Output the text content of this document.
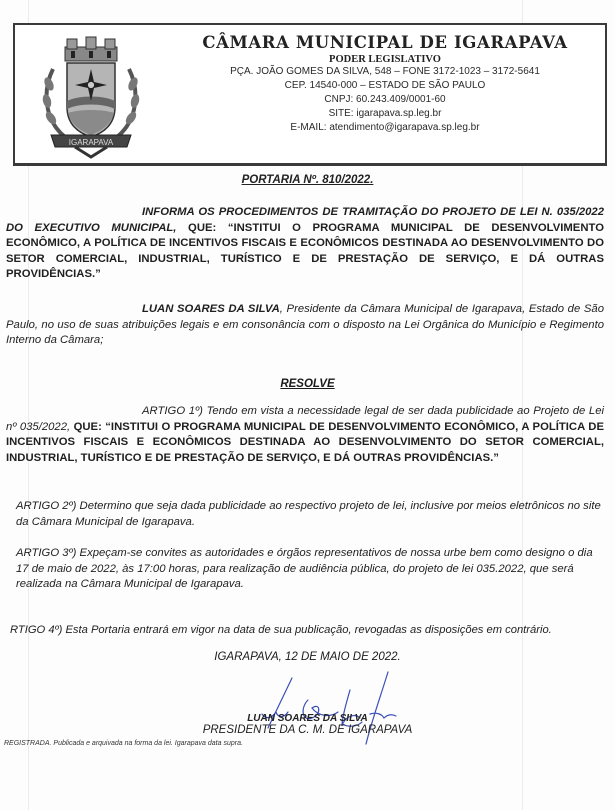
IGARAPAVA
CÂMARA MUNICIPAL DE IGARAPAVA
PODER LEGISLATIVO
PÇA. JOÃO GOMES DA SILVA, 548 – FONE 3172-1023 – 3172-5641
CEP. 14540-000 – ESTADO DE SÃO PAULO
CNPJ: 60.243.409/0001-60
SITE: igarapava.sp.leg.br
E-MAIL: atendimento@igarapava.sp.leg.br
PORTARIA Nº. 810/2022.
INFORMA OS PROCEDIMENTOS DE TRAMITAÇÃO DO PROJETO DE LEI N. 035/2022 DO EXECUTIVO MUNICIPAL, QUE: “INSTITUI O PROGRAMA MUNICIPAL DE DESENVOLVIMENTO ECONÔMICO, A POLÍTICA DE INCENTIVOS FISCAIS E ECONÔMICOS DESTINADA AO DESENVOLVIMENTO DO SETOR COMERCIAL, INDUSTRIAL, TURÍSTICO E DE PRESTAÇÃO DE SERVIÇO, E DÁ OUTRAS PROVIDÊNCIAS.”
LUAN SOARES DA SILVA, Presidente da Câmara Municipal de Igarapava, Estado de São Paulo, no uso de suas atribuições legais e em consonância com o disposto na Lei Orgânica do Município e Regimento Interno da Câmara;
RESOLVE
ARTIGO 1º) Tendo em vista a necessidade legal de ser dada publicidade ao Projeto de Lei nº 035/2022, QUE: “INSTITUI O PROGRAMA MUNICIPAL DE DESENVOLVIMENTO ECONÔMICO, A POLÍTICA DE INCENTIVOS FISCAIS E ECONÔMICOS DESTINADA AO DESENVOLVIMENTO DO SETOR COMERCIAL, INDUSTRIAL, TURÍSTICO E DE PRESTAÇÃO DE SERVIÇO, E DÁ OUTRAS PROVIDÊNCIAS.”
ARTIGO 2º) Determino que seja dada publicidade ao respectivo projeto de lei, inclusive por meios eletrônicos no site da Câmara Municipal de Igarapava.
ARTIGO 3º) Expeçam-se convites as autoridades e órgãos representativos de nossa urbe bem como designo o dia 17 de maio de 2022, às 17:00 horas, para realização de audiência pública, do projeto de lei 035.2022, que será realizada na Câmara Municipal de Igarapava.
RTIGO 4º) Esta Portaria entrará em vigor na data de sua publicação, revogadas as disposições em contrário.
IGARAPAVA, 12 DE MAIO DE 2022.
LUAN SOARES DA SILVA
PRESIDENTE DA C. M. DE IGARAPAVA
REGISTRADA. Publicada e arquivada na forma da lei. Igarapava data supra.
